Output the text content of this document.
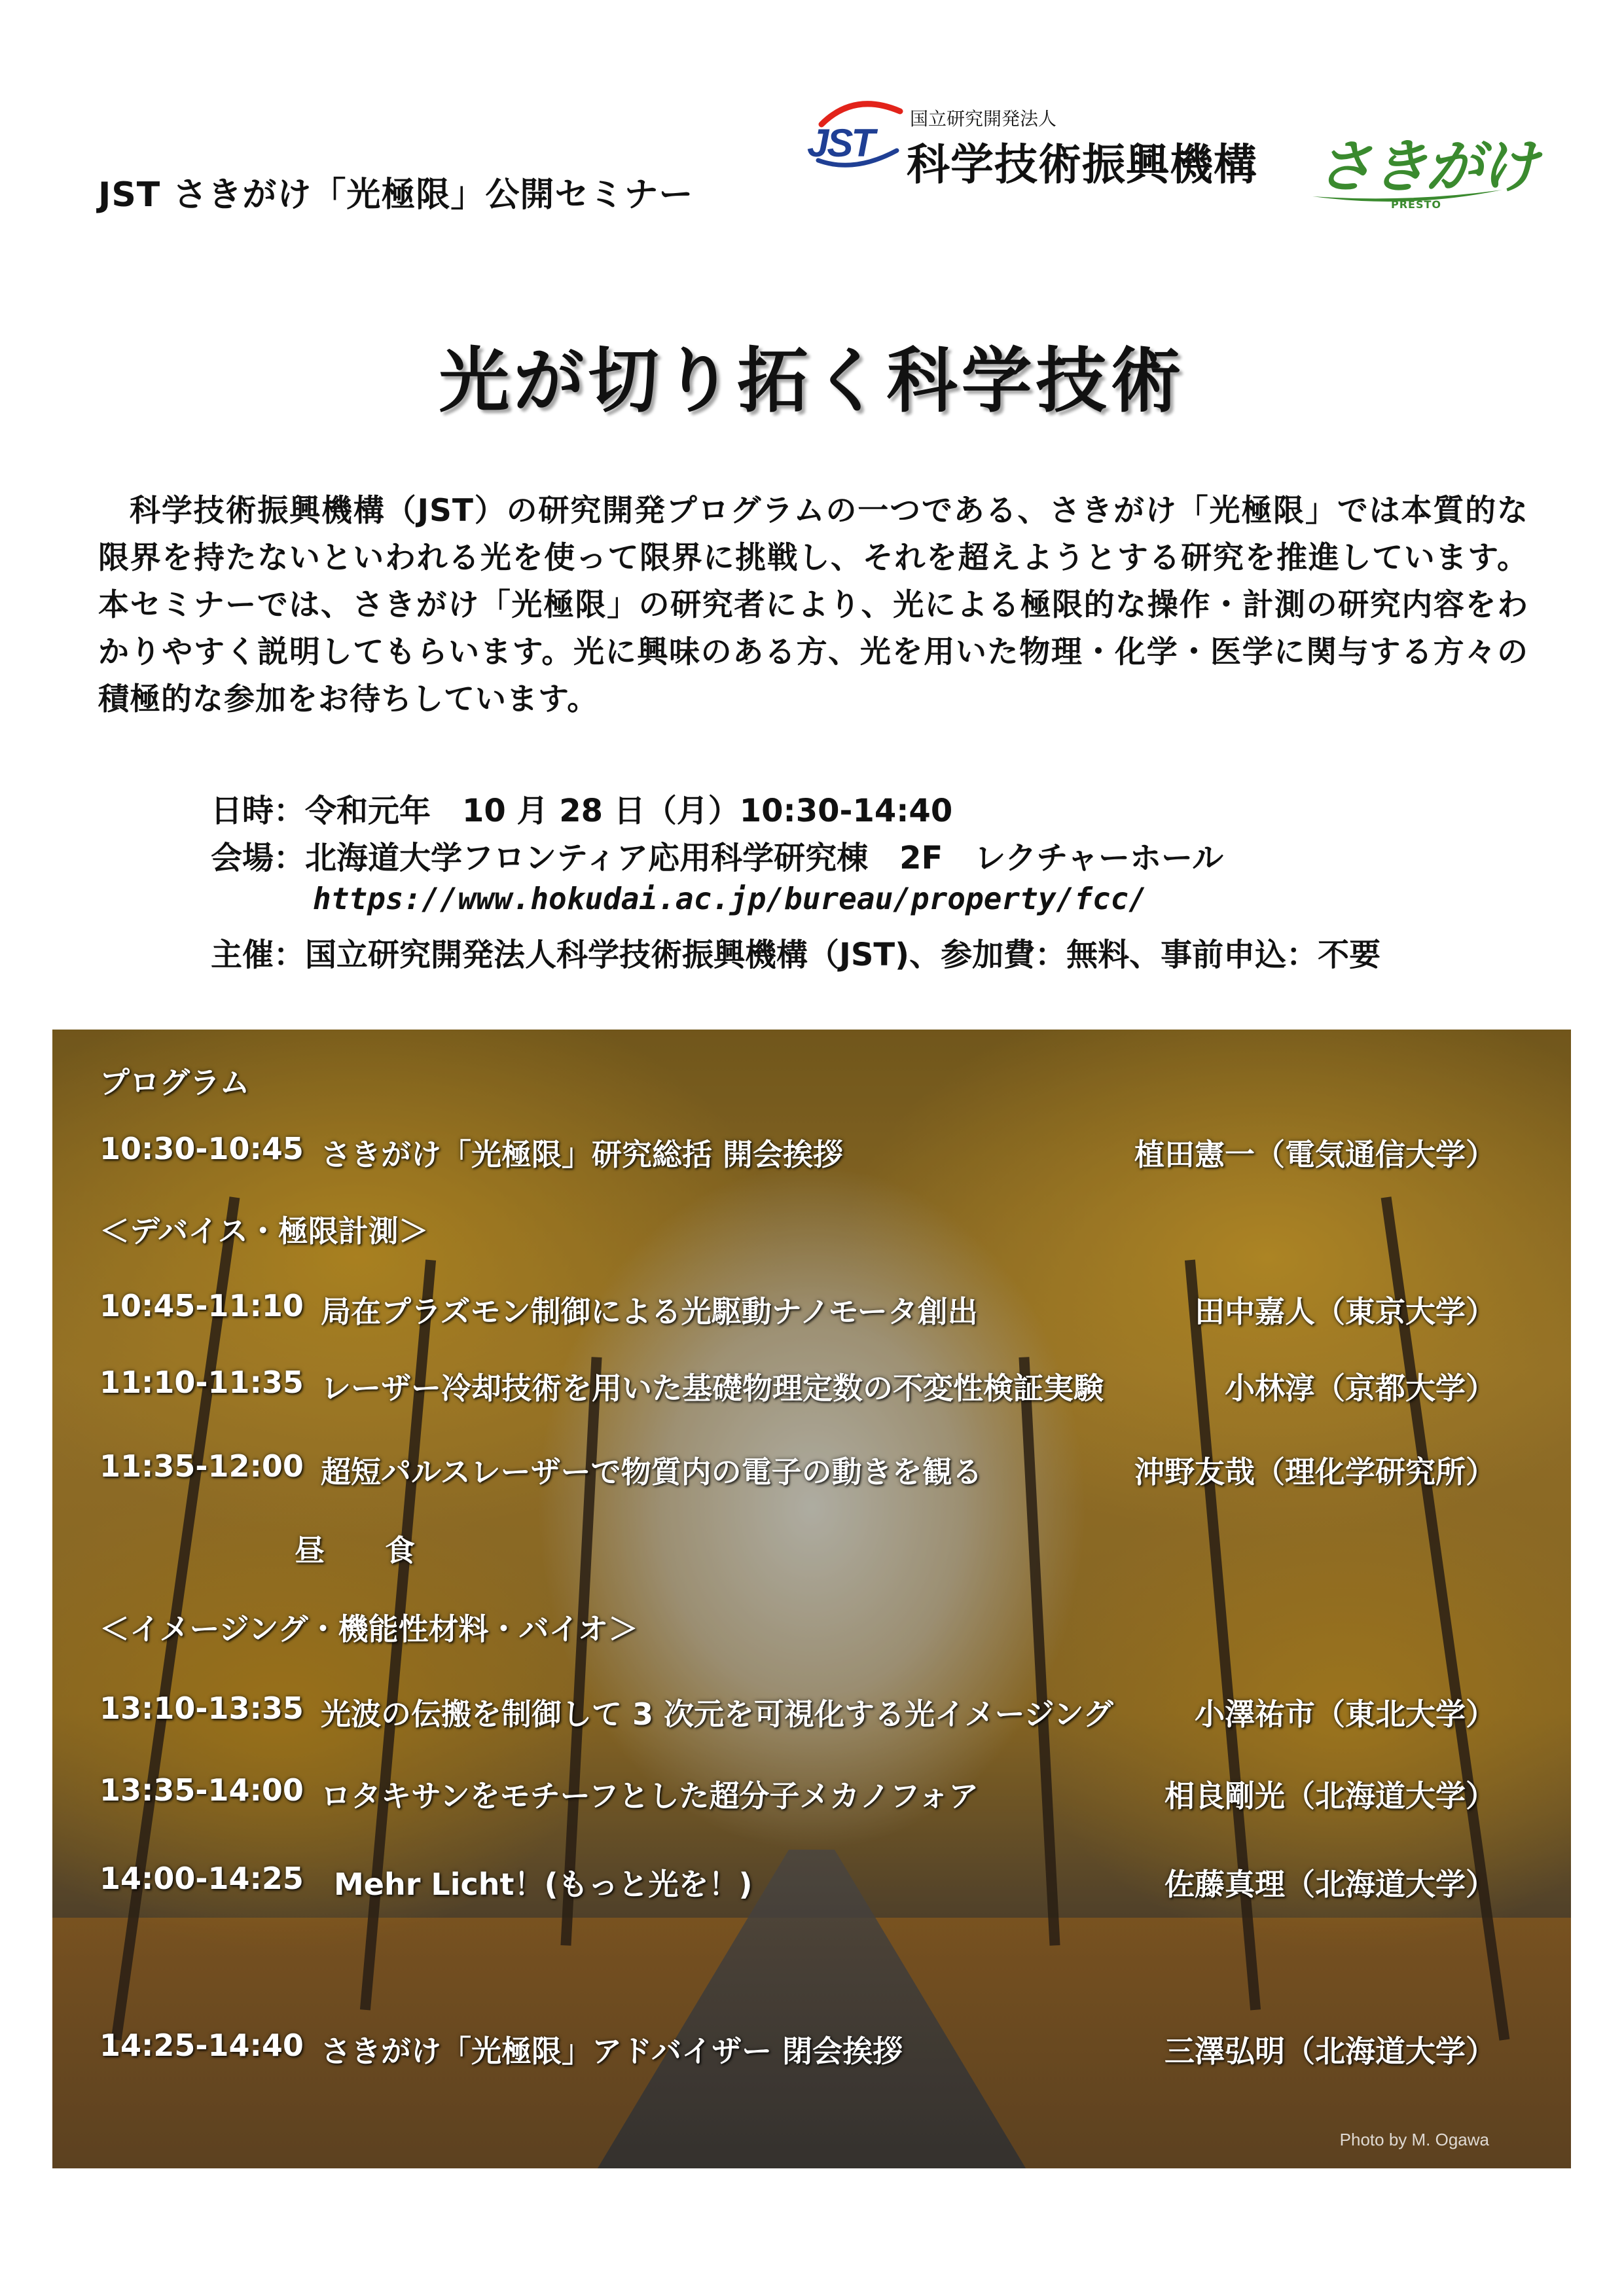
JST さきがけ「光極限」公開セミナー
JST
国立研究開発法人
科学技術振興機構 さきがけ
PRESTO
光が切り拓く科学技術
科学技術振興機構（JST）の研究開発プログラムの一つである、さきがけ「光極限」では本質的な限界を持たないといわれる光を使って限界に挑戦し、それを超えようとする研究を推進しています。 本セミナーでは、さきがけ「光極限」の研究者により、光による極限的な操作・計測の研究内容をわかりやすく説明してもらいます。光に興味のある方、光を用いた物理・化学・医学に関与する方々の積極的な参加をお待ちしています。
日時：令和元年　10 月 28 日（月）10:30-14:40
会場：北海道大学フロンティア応用科学研究棟　2F　レクチャーホール
https://www.hokudai.ac.jp/bureau/property/fcc/
主催：国立研究開発法人科学技術振興機構（JST)、参加費：無料、事前申込：不要
プログラム
10:30-10:45 さきがけ「光極限」研究総括 開会挨拶	植田憲一（電気通信大学）
＜デバイス・極限計測＞
10:45-11:10 局在プラズモン制御による光駆動ナノモータ創出	田中嘉人（東京大学）
11:10-11:35 レーザー冷却技術を用いた基礎物理定数の不変性検証実験	小林淳（京都大学）
11:35-12:00 超短パルスレーザーで物質内の電子の動きを観る	沖野友哉（理化学研究所）
昼　　食
＜イメージング・機能性材料・バイオ＞
13:10-13:35 光波の伝搬を制御して 3 次元を可視化する光イメージング	小澤祐市（東北大学）
13:35-14:00 ロタキサンをモチーフとした超分子メカノフォア	相良剛光（北海道大学）
14:00-14:25 Mehr Licht！(もっと光を！)	佐藤真理（北海道大学）
14:25-14:40 さきがけ「光極限」アドバイザー 閉会挨拶	三澤弘明（北海道大学）
Photo by M. Ogawa
